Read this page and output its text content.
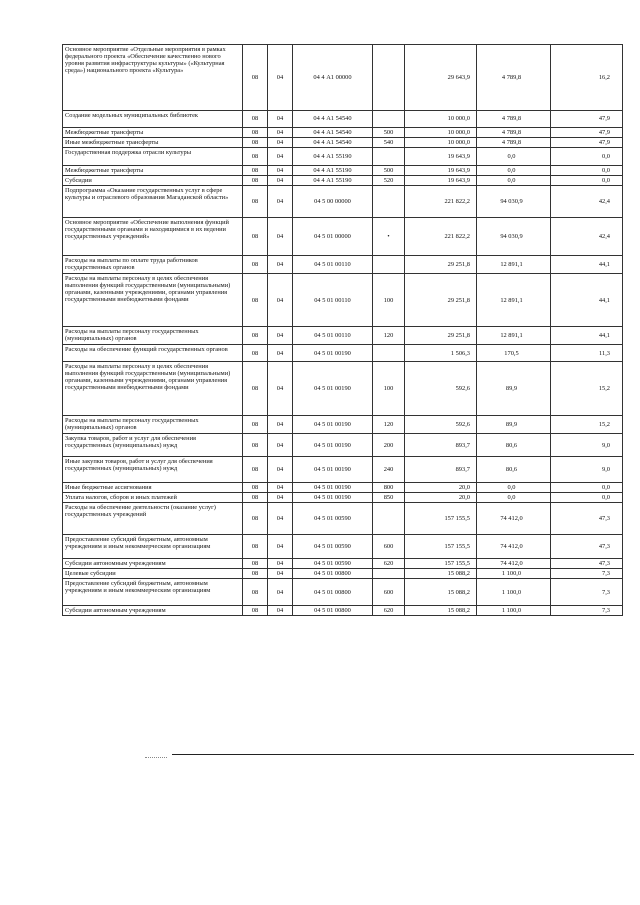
Основное мероприятие «Отдельные мероприятия в рамках федерального проекта «Обеспечение качественно нового уровня развития инфраструктуры культуры» («Культурная среда») национального проекта «Культура»	08	04	04 4 А1 00000		29 643,9	4 789,8	16,2
Создание модельных муниципальных библиотек	08	04	04 4 А1 54540		10 000,0	4 789,8	47,9
Межбюджетные трансферты	08	04	04 4 А1 54540	500	10 000,0	4 789,8	47,9
Иные межбюджетные трансферты	08	04	04 4 А1 54540	540	10 000,0	4 789,8	47,9
Государственная поддержка отрасли культуры	08	04	04 4 А1 55190		19 643,9	0,0	0,0
Межбюджетные трансферты	08	04	04 4 А1 55190	500	19 643,9	0,0	0,0
Субсидии	08	04	04 4 А1 55190	520	19 643,9	0,0	0,0
Подпрограмма «Оказание государственных услуг в сфере культуры и отраслевого образования Магаданской области»	08	04	04 5 00 00000		221 822,2	94 030,9	42,4
Основное мероприятие «Обеспечение выполнения функций государственными органами и находящимися в их ведении государственных учреждений»	08	04	04 5 01 00000	•	221 822,2	94 030,9	42,4
Расходы на выплаты по оплате труда работников государственных органов	08	04	04 5 01 00110		29 251,8	12 891,1	44,1
Расходы на выплаты персоналу в целях обеспечения выполнения функций государственными (муниципальными) органами, казенными учреждениями, органами управления государственными внебюджетными фондами	08	04	04 5 01 00110	100	29 251,8	12 891,1	44,1
Расходы на выплаты персоналу государственных (муниципальных) органов	08	04	04 5 01 00110	120	29 251,8	12 891,1	44,1
Расходы на обеспечение функций государственных органов	08	04	04 5 01 00190		1 506,3	170,5	11,3
Расходы на выплаты персоналу в целях обеспечения выполнения функций государственными (муниципальными) органами, казенными учреждениями, органами управления государственными внебюджетными фондами	08	04	04 5 01 00190	100	592,6	89,9	15,2
Расходы на выплаты персоналу государственных (муниципальных) органов	08	04	04 5 01 00190	120	592,6	89,9	15,2
Закупка товаров, работ и услуг для обеспечения государственных (муниципальных) нужд	08	04	04 5 01 00190	200	893,7	80,6	9,0
Иные закупки товаров, работ и услуг для обеспечения государственных (муниципальных) нужд	08	04	04 5 01 00190	240	893,7	80,6	9,0
Иные бюджетные ассигнования	08	04	04 5 01 00190	800	20,0	0,0	0,0
Уплата налогов, сборов и иных платежей	08	04	04 5 01 00190	850	20,0	0,0	0,0
Расходы на обеспечение деятельности (оказание услуг) государственных учреждений	08	04	04 5 01 00590		157 155,5	74 412,0	47,3
Предоставление субсидий бюджетным, автономным учреждениям и иным некоммерческим организациям	08	04	04 5 01 00590	600	157 155,5	74 412,0	47,3
Субсидии автономным учреждениям	08	04	04 5 01 00590	620	157 155,5	74 412,0	47,3
Целевые субсидии	08	04	04 5 01 00800		15 088,2	1 100,0	7,3
Предоставление субсидий бюджетным, автономным учреждениям и иным некоммерческим организациям	08	04	04 5 01 00800	600	15 088,2	1 100,0	7,3
Субсидии автономным учреждениям	08	04	04 5 01 00800	620	15 088,2	1 100,0	7,3
